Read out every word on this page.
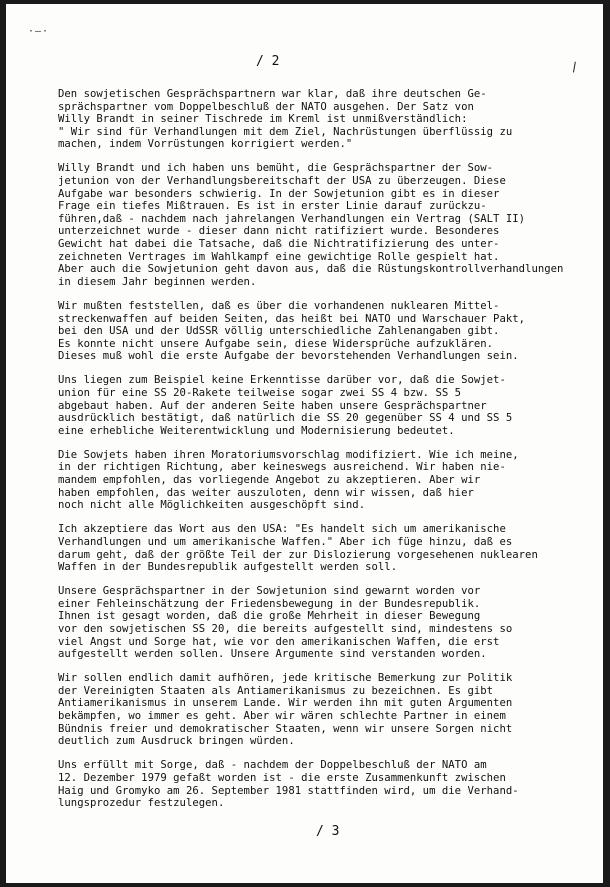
·—·
\
/ 2

Den sowjetischen Gesprächspartnern war klar, daß ihre deutschen Ge-
sprächspartner vom Doppelbeschluß der NATO ausgehen. Der Satz von
Willy Brandt in seiner Tischrede im Kreml ist unmißverständlich:
" Wir sind für Verhandlungen mit dem Ziel, Nachrüstungen überflüssig zu
machen, indem Vorrüstungen korrigiert werden."

Willy Brandt und ich haben uns bemüht, die Gesprächspartner der Sow-
jetunion von der Verhandlungsbereitschaft der USA zu überzeugen. Diese
Aufgabe war besonders schwierig. In der Sowjetunion gibt es in dieser
Frage ein tiefes Mißtrauen. Es ist in erster Linie darauf zurückzu-
führen,daß - nachdem nach jahrelangen Verhandlungen ein Vertrag (SALT II)
unterzeichnet wurde - dieser dann nicht ratifiziert wurde. Besonderes
Gewicht hat dabei die Tatsache, daß die Nichtratifizierung des unter-
zeichneten Vertrages im Wahlkampf eine gewichtige Rolle gespielt hat.
Aber auch die Sowjetunion geht davon aus, daß die Rüstungskontrollverhandlungen
in diesem Jahr beginnen werden.

Wir mußten feststellen, daß es über die vorhandenen nuklearen Mittel-
streckenwaffen auf beiden Seiten, das heißt bei NATO und Warschauer Pakt,
bei den USA und der UdSSR völlig unterschiedliche Zahlenangaben gibt.
Es konnte nicht unsere Aufgabe sein, diese Widersprüche aufzuklären.
Dieses muß wohl die erste Aufgabe der bevorstehenden Verhandlungen sein.

Uns liegen zum Beispiel keine Erkenntisse darüber vor, daß die Sowjet-
union für eine SS 20-Rakete teilweise sogar zwei SS 4 bzw. SS 5
abgebaut haben. Auf der anderen Seite haben unsere Gesprächspartner
ausdrücklich bestätigt, daß natürlich die SS 20 gegenüber SS 4 und SS 5
eine erhebliche Weiterentwicklung und Modernisierung bedeutet.

Die Sowjets haben ihren Moratoriumsvorschlag modifiziert. Wie ich meine,
in der richtigen Richtung, aber keineswegs ausreichend. Wir haben nie-
mandem empfohlen, das vorliegende Angebot zu akzeptieren. Aber wir
haben empfohlen, das weiter auszuloten, denn wir wissen, daß hier
noch nicht alle Möglichkeiten ausgeschöpft sind.

Ich akzeptiere das Wort aus den USA: "Es handelt sich um amerikanische
Verhandlungen und um amerikanische Waffen." Aber ich füge hinzu, daß es
darum geht, daß der größte Teil der zur Dislozierung vorgesehenen nuklearen
Waffen in der Bundesrepublik aufgestellt werden soll.

Unsere Gesprächspartner in der Sowjetunion sind gewarnt worden vor
einer Fehleinschätzung der Friedensbewegung in der Bundesrepublik.
Ihnen ist gesagt worden, daß die große Mehrheit in dieser Bewegung
vor den sowjetischen SS 20, die bereits aufgestellt sind, mindestens so
viel Angst und Sorge hat, wie vor den amerikanischen Waffen, die erst
aufgestellt werden sollen. Unsere Argumente sind verstanden worden.

Wir sollen endlich damit aufhören, jede kritische Bemerkung zur Politik
der Vereinigten Staaten als Antiamerikanismus zu bezeichnen. Es gibt
Antiamerikanismus in unserem Lande. Wir werden ihn mit guten Argumenten
bekämpfen, wo immer es geht. Aber wir wären schlechte Partner in einem
Bündnis freier und demokratischer Staaten, wenn wir unsere Sorgen nicht
deutlich zum Ausdruck bringen würden.

Uns erfüllt mit Sorge, daß - nachdem der Doppelbeschluß der NATO am
12. Dezember 1979 gefaßt worden ist - die erste Zusammenkunft zwischen
Haig und Gromyko am 26. September 1981 stattfinden wird, um die Verhand-
lungsprozedur festzulegen.

/ 3
